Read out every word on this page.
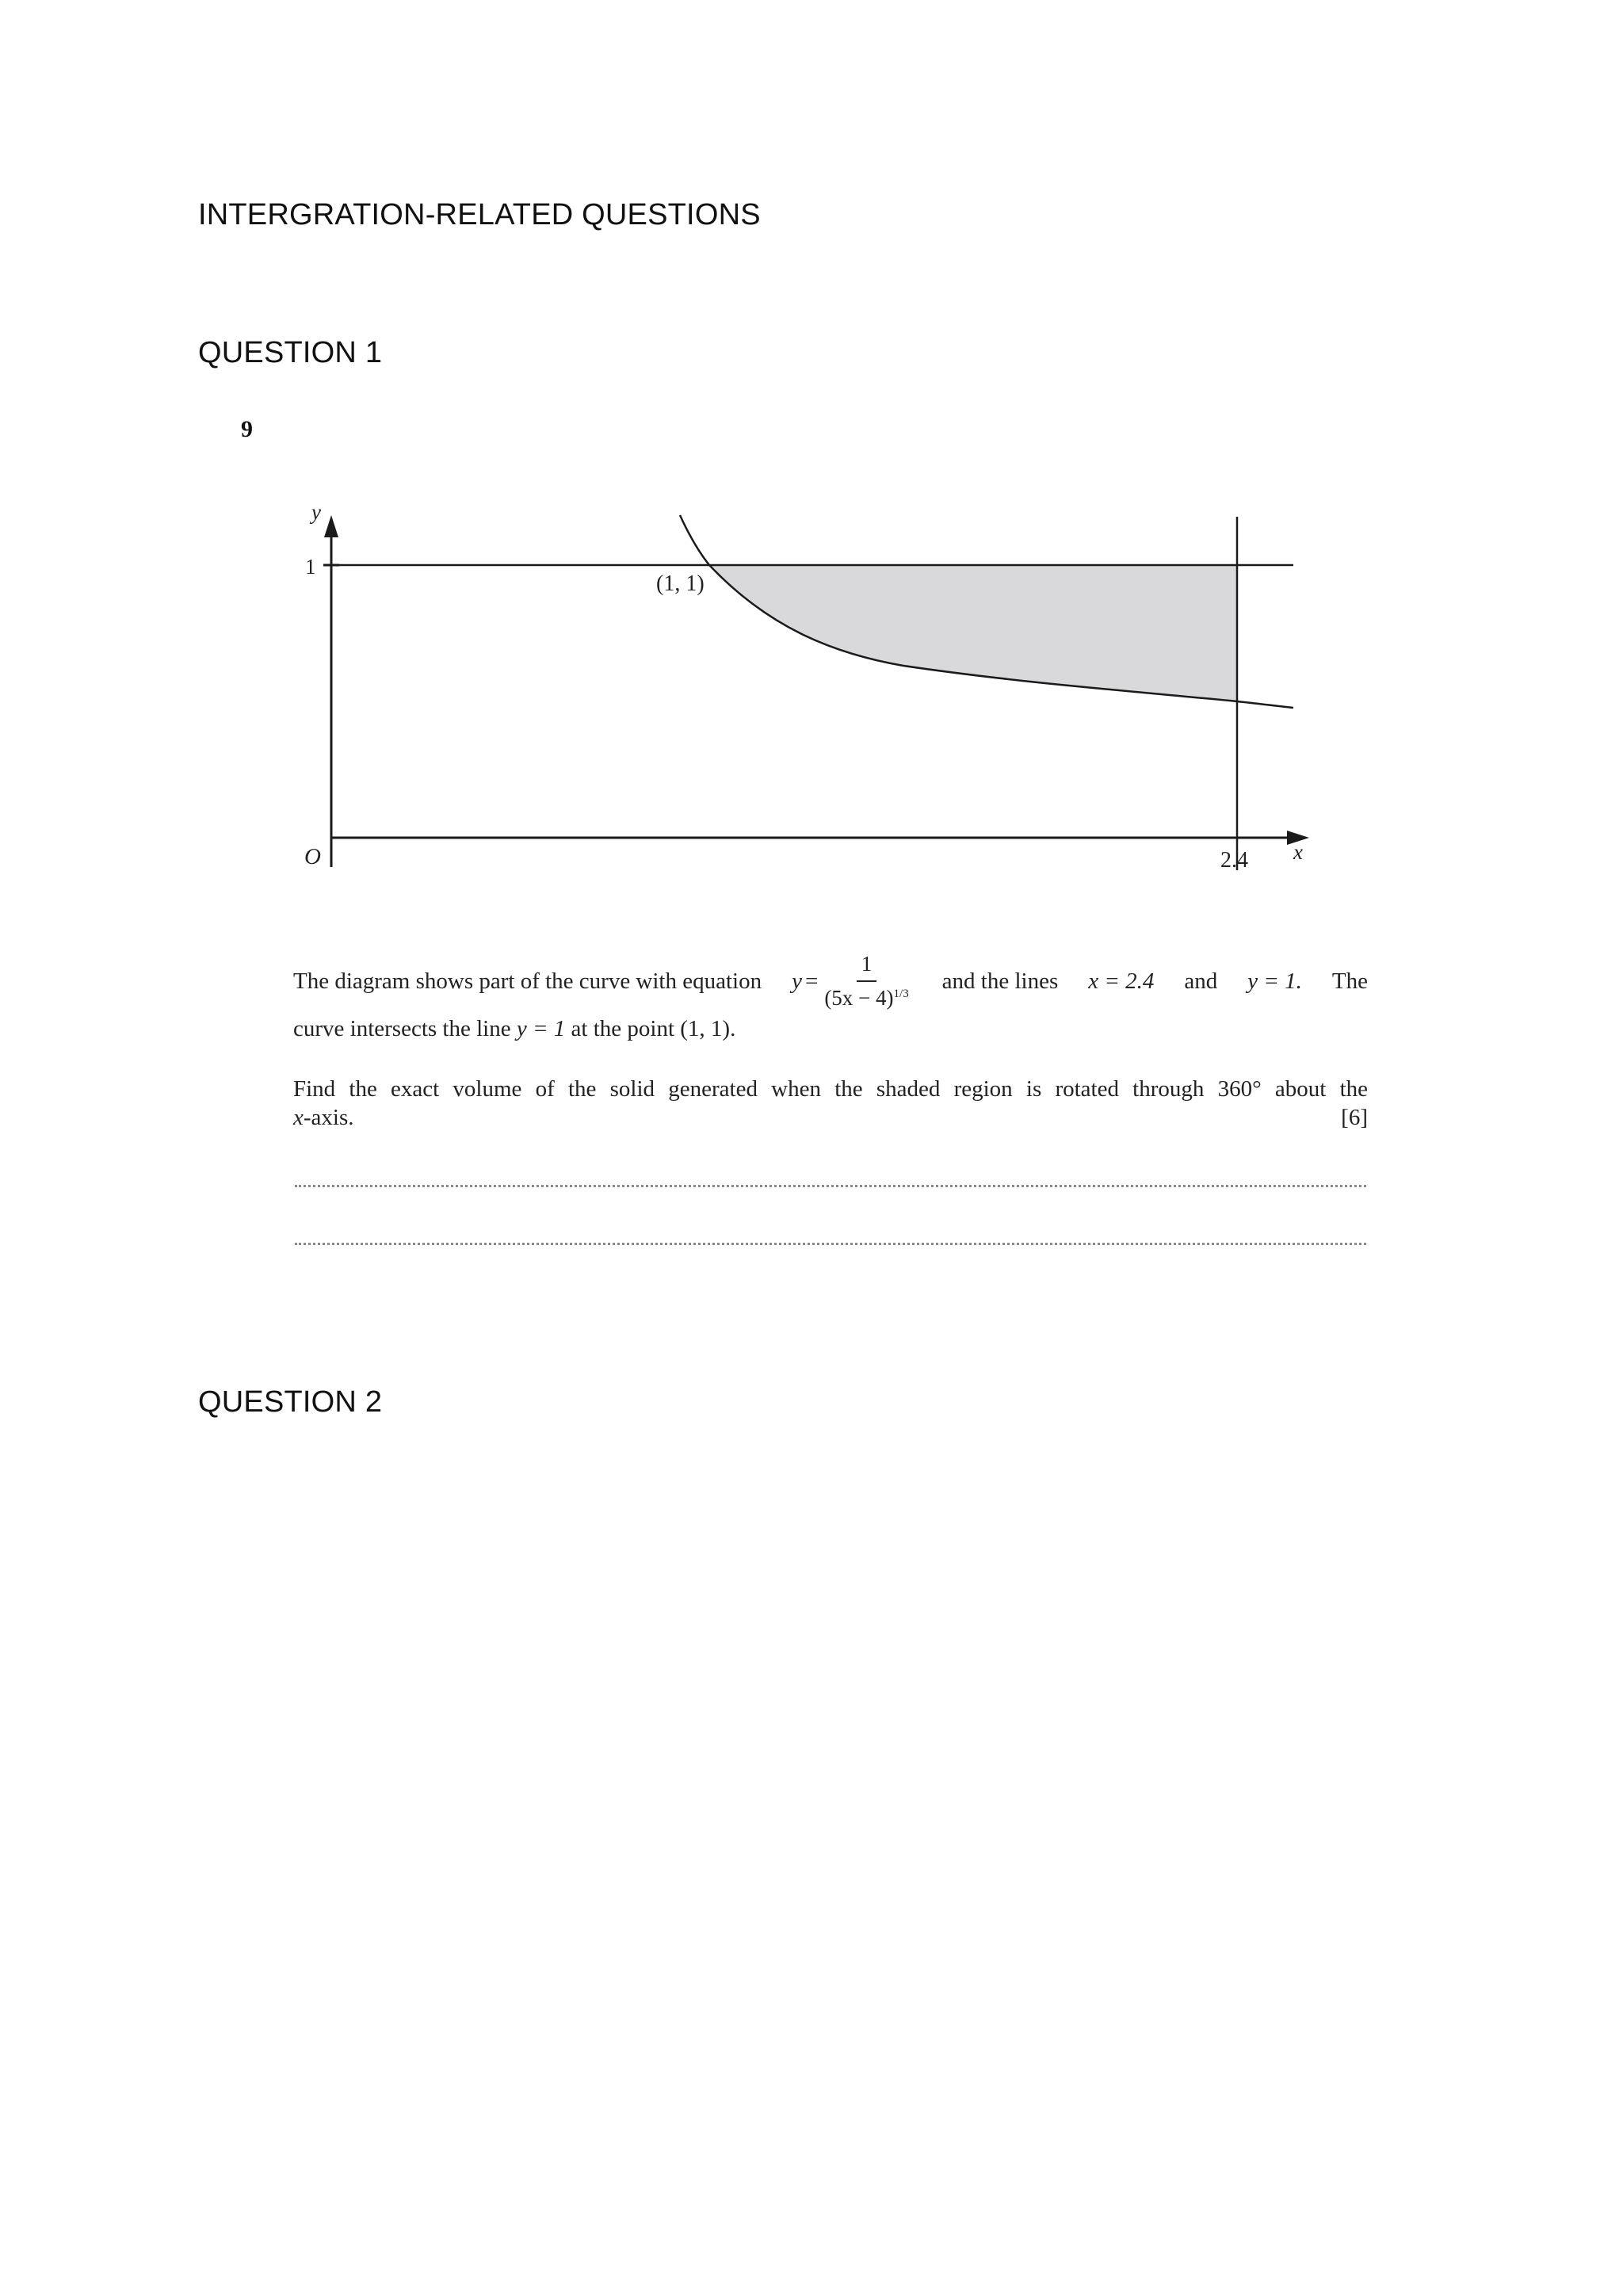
INTERGRATION-RELATED QUESTIONS
QUESTION 1
9
y
1
O
(1, 1)
2.4 x
The diagram shows part of the curve with equation $y = \frac{1}{(5x - 4)^{1/3}}$ and the lines x = 2.4 and y = 1. The
curve intersects the line y = 1 at the point (1, 1).
Find the exact volume of the solid generated when the shaded region is rotated through 360° about the
x-axis.	[6]
QUESTION 2
